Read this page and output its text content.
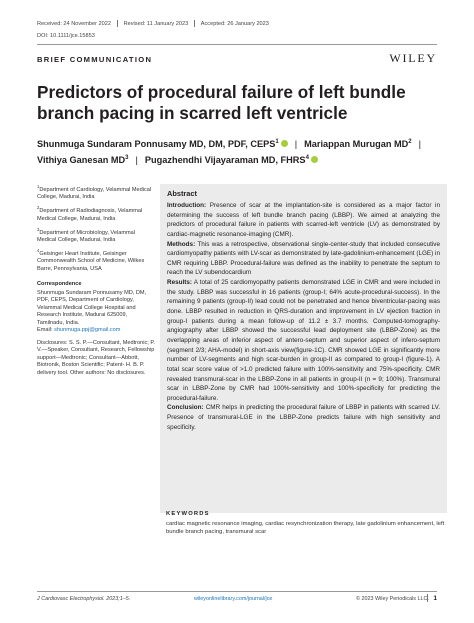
Received: 24 November 2022 Revised: 11 January 2023 Accepted: 26 January 2023
DOI: 10.1111/jce.15853
BRIEF COMMUNICATION	WILEY
Predictors of procedural failure of left bundle branch pacing in scarred left ventricle
Shunmuga Sundaram Ponnusamy MD, DM, PDF, CEPS$^1$ | Mariappan Murugan $MD^2$ |
Vithiya Ganesan $MD^3$ | Pugazhendhi Vijayaraman MD, FHRS$^4$
$^1$Department of Cardiology, Velammal Medical College, Madurai, India
$^2$Department of Radiodiagnosis, Velammal Medical College, Madurai, India
$^3$Department of Microbiology, Velammal Medical College, Madurai, India
$^4$Geisinger Heart Institute, Geisinger Commonwealth School of Medicine, Wilkes Barre, Pennsylvania, USA
Correspondence
Shunmuga Sundaram Ponnusamy MD, DM, PDF, CEPS, Department of Cardiology, Velammal Medical College Hospital and Research Institute, Madurai 625009, Tamilnadu, India.
Email: shunmuga.ppj@gmail.com
Disclosures: S. S. P.—Consultant, Medtronic; P. V.—Speaker, Consultant, Research, Fellowship support—Medtronic; Consultant—Abbott, Biotronik, Boston Scientific; Patent- H. B. P. delivery tool. Other authors: No disclosures.
Abstract

Introduction: Presence of scar at the implantation-site is considered as a major factor in determining the success of left bundle branch pacing (LBBP). We aimed at analyzing the predictors of procedural failure in patients with scarred-left ventricle (LV) as demonstrated by cardiac-magnetic resonance-imaging (CMR).

Methods: This was a retrospective, observational single-center-study that included consecutive cardiomyopathy patients with LV-scar as demonstrated by late-gadolinium-enhancement (LGE) in CMR requiring LBBP. Procedural-failure was defined as the inability to penetrate the septum to reach the LV subendocardium

Results: A total of 25 cardiomyopathy patients demonstrated LGE in CMR and were included in the study. LBBP was successful in 16 patients (group-I; 64% acute-procedural-success). In the remaining 9 patients (group-II) lead could not be penetrated and hence biventricular-pacing was done. LBBP resulted in reduction in QRS-duration and improvement in LV ejection fraction in group-I patients during a mean follow-up of 11.2 ± 3.7 months. Computed-tomography-angiography after LBBP showed the successful lead deployment site (LBBP-Zone) as the overlapping areas of inferior aspect of antero-septum and superior aspect of infero-septum (segment 2/3; AHA-model) in short-axis view(figure-1C). CMR showed LGE in significantly more number of LV-segments and high scar-burden in group-II as compared to group-I (figure-1). A total scar score value of >1.0 predicted failure with 100%-sensitivity and 75%-specificity. CMR revealed transmural-scar in the LBBP-Zone in all patients in group-II (n = 9; 100%). Transmural scar in LBBP-Zone by CMR had 100%-sensitivity and 100%-specificity for predicting the procedural-failure.

Conclusion: CMR helps in predicting the procedural failure of LBBP in patients with scarred LV. Presence of transmural-LGE in the LBBP-Zone predicts failure with high sensitivity and specificity.

KEYWORDS
cardiac magnetic resonance imaging, cardiac resynchronization therapy, late gadolinium enhancement, left bundle branch pacing, transmural scar
J Cardiovasc Electrophysiol. 2023;1–5.	wileyonlinelibrary.com/journal/jce	© 2023 Wiley Periodicals LLC. 1
